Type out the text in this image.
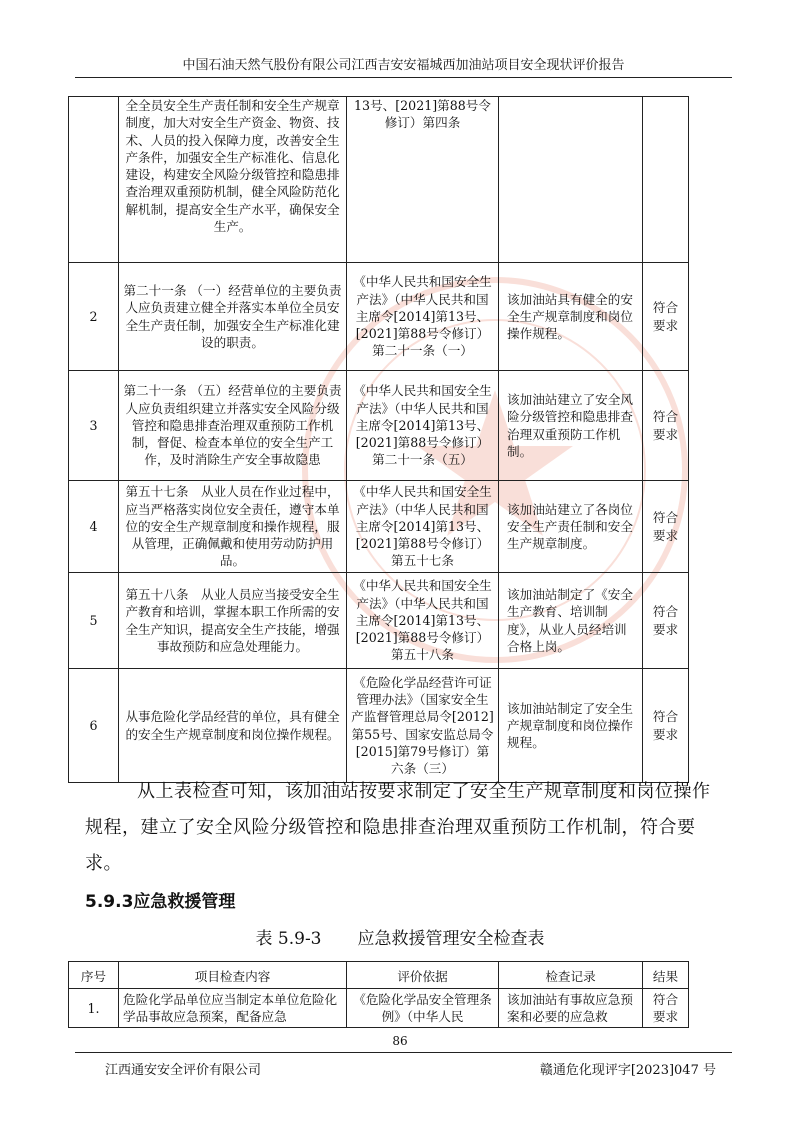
中国石油天然气股份有限公司江西吉安安福城西加油站项目安全现状评价报告
	全全员安全生产责任制和安全生产规章制度，加大对安全生产资金、物资、技术、人员的投入保障力度，改善安全生产条件，加强安全生产标准化、信息化建设，构建安全风险分级管控和隐患排查治理双重预防机制，健全风险防范化解机制，提高安全生产水平，确保安全生产。	13号、[2021]第88号令修订）第四条		
2	第二十一条 （一）经营单位的主要负责人应负责建立健全并落实本单位全员安全生产责任制，加强安全生产标准化建设的职责。	《中华人民共和国安全生产法》（中华人民共和国主席令[2014]第13号、[2021]第88号令修订）第二十一条（一）	该加油站具有健全的安全生产规章制度和岗位操作规程。	符合要求
3	第二十一条 （五）经营单位的主要负责人应负责组织建立并落实安全风险分级管控和隐患排查治理双重预防工作机制，督促、检查本单位的安全生产工作，及时消除生产安全事故隐患	《中华人民共和国安全生产法》（中华人民共和国主席令[2014]第13号、[2021]第88号令修订）第二十一条（五）	该加油站建立了安全风险分级管控和隐患排查治理双重预防工作机制。	符合要求
4	第五十七条　从业人员在作业过程中，应当严格落实岗位安全责任，遵守本单位的安全生产规章制度和操作规程，服从管理，正确佩戴和使用劳动防护用品。	《中华人民共和国安全生产法》（中华人民共和国主席令[2014]第13号、[2021]第88号令修订）第五十七条	该加油站建立了各岗位安全生产责任制和安全生产规章制度。	符合要求
5	第五十八条　从业人员应当接受安全生产教育和培训，掌握本职工作所需的安全生产知识，提高安全生产技能，增强事故预防和应急处理能力。	《中华人民共和国安全生产法》（中华人民共和国主席令[2014]第13号、[2021]第88号令修订）第五十八条	该加油站制定了《安全生产教育、培训制度》，从业人员经培训合格上岗。	符合要求
6	从事危险化学品经营的单位，具有健全的安全生产规章制度和岗位操作规程。	《危险化学品经营许可证管理办法》（国家安全生产监督管理总局令[2012]第55号、国家安监总局令[2015]第79号修订）第六条（三）	该加油站制定了安全生产规章制度和岗位操作规程。	符合要求
从上表检查可知，该加油站按要求制定了安全生产规章制度和岗位操作规程，建立了安全风险分级管控和隐患排查治理双重预防工作机制，符合要求。
5.9.3应急救援管理
表 5.9-3 应急救援管理安全检查表
序号	项目检查内容	评价依据	检查记录	结果
1.	危险化学品单位应当制定本单位危险化学品事故应急预案，配备应急	《危险化学品安全管理条例》（中华人民	该加油站有事故应急预案和必要的应急救	符合要求
86
江西通安安全评价有限公司	赣通危化现评字[2023]047 号
